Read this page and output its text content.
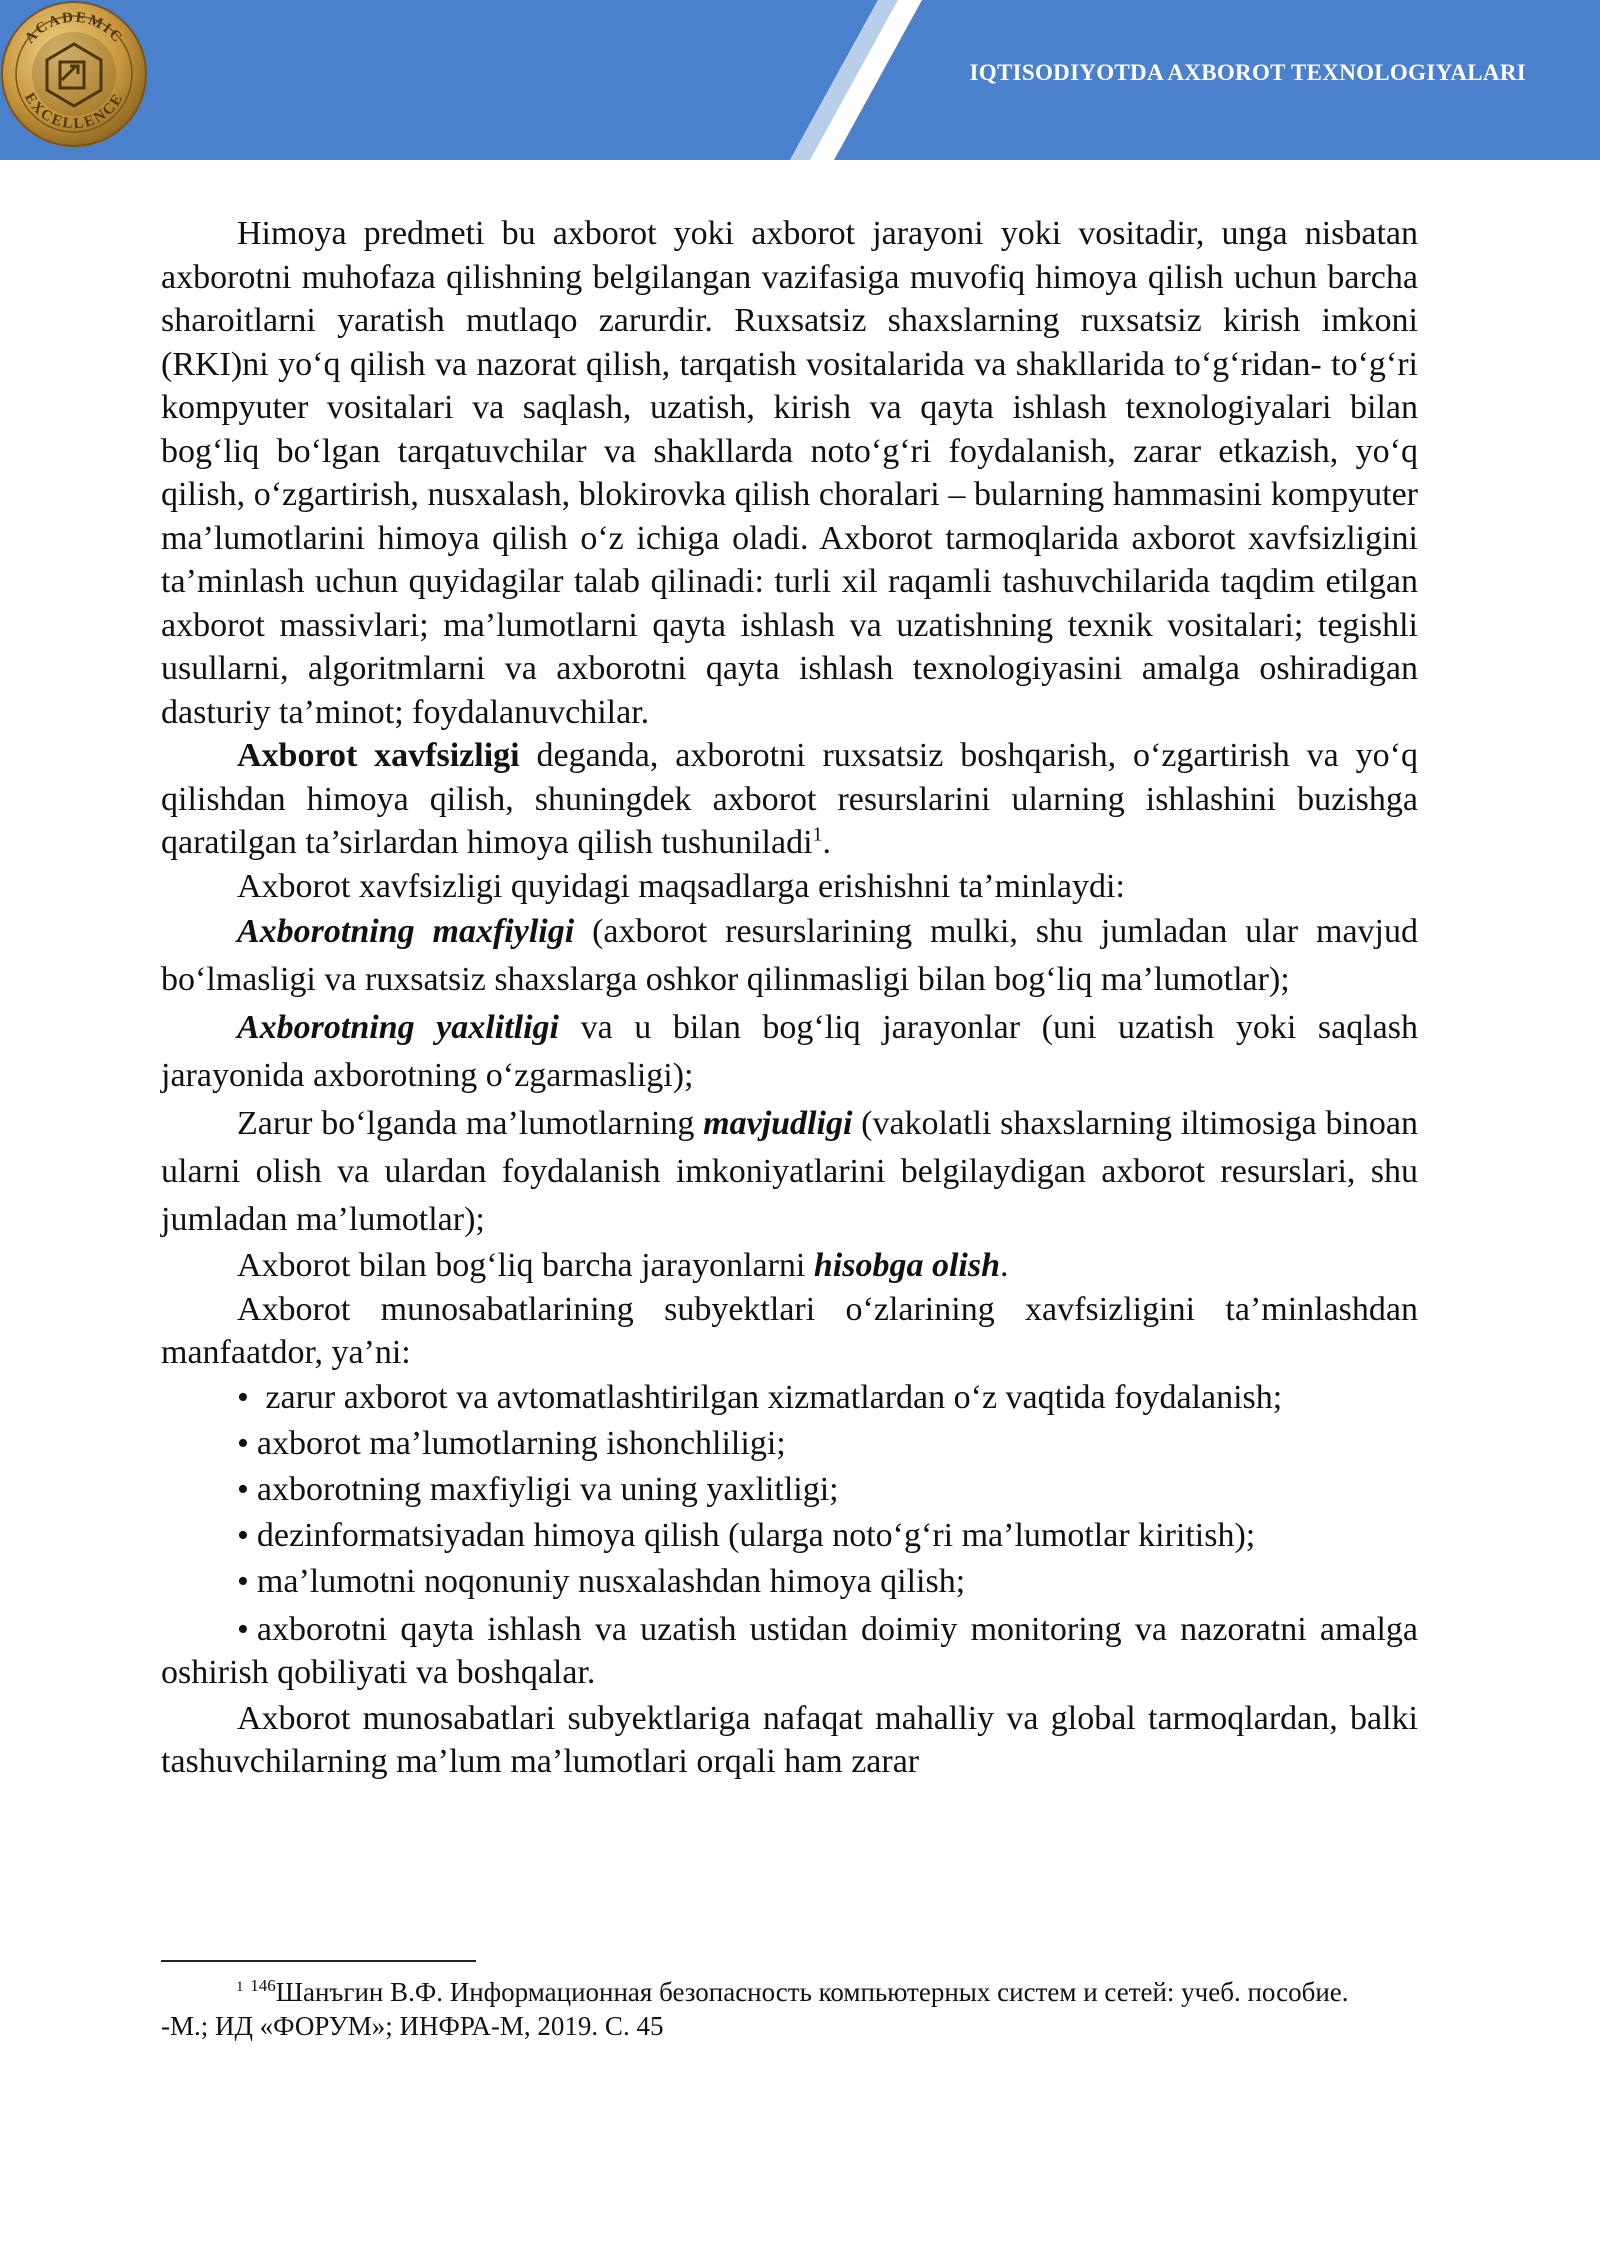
ACADEMIC
EXCELLENCE
IQTISODIYOTDA AXBOROT TEXNOLOGIYALARI

Himoya predmeti bu axborot yoki axborot jarayoni yoki vositadir, unga nisbatan axborotni muhofaza qilishning belgilangan vazifasiga muvofiq himoya qilish uchun barcha sharoitlarni yaratish mutlaqo zarurdir. Ruxsatsiz shaxslarning ruxsatsiz kirish imkoni (RKI)ni yo‘q qilish va nazorat qilish, tarqatish vositalarida va shakllarida to‘g‘ridan- to‘g‘ri kompyuter vositalari va saqlash, uzatish, kirish va qayta ishlash texnologiyalari bilan bog‘liq bo‘lgan tarqatuvchilar va shakllarda noto‘g‘ri foydalanish, zarar etkazish, yo‘q qilish, o‘zgartirish, nusxalash, blokirovka qilish choralari – bularning hammasini kompyuter ma’lumotlarini himoya qilish o‘z ichiga oladi. Axborot tarmoqlarida axborot xavfsizligini ta’minlash uchun quyidagilar talab qilinadi: turli xil raqamli tashuvchilarida taqdim etilgan axborot massivlari; ma’lumotlarni qayta ishlash va uzatishning texnik vositalari; tegishli usullarni, algoritmlarni va axborotni qayta ishlash texnologiyasini amalga oshiradigan dasturiy ta’minot; foydalanuvchilar.

Axborot xavfsizligi deganda, axborotni ruxsatsiz boshqarish, o‘zgartirish va yo‘q qilishdan himoya qilish, shuningdek axborot resurslarini ularning ishlashini buzishga qaratilgan ta’sirlardan himoya qilish tushuniladi$^1$.

Axborot xavfsizligi quyidagi maqsadlarga erishishni ta’minlaydi:

Axborotning maxfiyligi (axborot resurslarining mulki, shu jumladan ular mavjud bo‘lmasligi va ruxsatsiz shaxslarga oshkor qilinmasligi bilan bog‘liq ma’lumotlar);

Axborotning yaxlitligi va u bilan bog‘liq jarayonlar (uni uzatish yoki saqlash jarayonida axborotning o‘zgarmasligi);

Zarur bo‘lganda ma’lumotlarning mavjudligi (vakolatli shaxslarning iltimosiga binoan ularni olish va ulardan foydalanish imkoniyatlarini belgilaydigan axborot resurslari, shu jumladan ma’lumotlar);

Axborot bilan bog‘liq barcha jarayonlarni hisobga olish.

Axborot munosabatlarining subyektlari o‘zlarining xavfsizligini ta’minlashdan manfaatdor, ya’ni:

• zarur axborot va avtomatlashtirilgan xizmatlardan o‘z vaqtida foydalanish;

• axborot ma’lumotlarning ishonchliligi;

• axborotning maxfiyligi va uning yaxlitligi;

• dezinformatsiyadan himoya qilish (ularga noto‘g‘ri ma’lumotlar kiritish);

• ma’lumotni noqonuniy nusxalashdan himoya qilish;

• axborotni qayta ishlash va uzatish ustidan doimiy monitoring va nazoratni amalga oshirish qobiliyati va boshqalar.

Axborot munosabatlari subyektlariga nafaqat mahalliy va global tarmoqlardan, balki tashuvchilarning ma’lum ma’lumotlari orqali ham zarar

$^1$ $^{146}$Шанъгин В.Ф. Информационная безопасность компьютерных систем и сетей: учеб. пособие. -М.; ИД «ФОРУМ»; ИНФРА-М, 2019. С. 45
